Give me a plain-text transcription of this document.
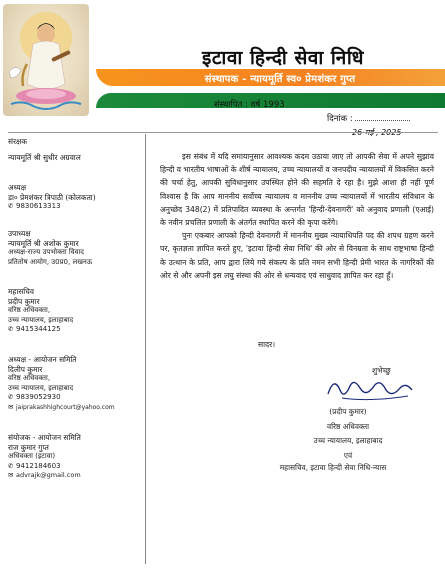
इटावा हिन्दी सेवा निधि
संस्थापक - न्यायमूर्ति स्व० प्रेमशंकर गुप्त
संस्थापित : वर्ष 1993
दिनांक :
26 मई , 2025
संरक्षक
न्यायमूर्ति श्री सुधीर अग्रवाल
अध्यक्ष
डा० प्रेमशंकर त्रिपाठी (कोलकता)
✆ 9830613313
उपाध्यक्ष
न्यायमूर्ति श्री अशोक कुमार
अध्यक्ष-राज्य उपभोक्ता विवाद
प्रतितोष आयोग, उ0प्र0, लखनऊ
महासचिव
प्रदीप कुमार
वरिष्ठ अधिवक्ता,
उच्च न्यायालय, इलाहाबाद
✆ 9415344125
अध्यक्ष - आयोजन समिति
दिलीप कुमार
वरिष्ठ अधिवक्ता,
उच्च न्यायालय, इलाहाबाद
✆ 9839052930
✉ jaiprakashhighcourt@yahoo.com
संयोजक - आयोजन समिति
राज कुमार गुप्त
अधिवक्ता (इटावा)
✆ 9412184603
✉ advrajk@gmail.com

इस संबंध में यदि समायानुसार आवश्यक कदम उठाया जाए तो आपकी सेवा में अपने सुझाव हिन्दी व भारतीय भाषाओं के शीर्ष न्यायालय, उच्च न्यायालयों व जनपदीय न्यायालयों में विकसित करने की चर्चा हेतु, आपकी सुविधानुसार उपस्थित होने की सहमति दे रहा है। मुझे आशा ही नहीं पूर्ण विश्वास है कि आप माननीय सर्वोच्च न्यायालय व माननीय उच्च न्यायालयों में भारतीय संविधान के अनुच्छेद 348(2) में प्रतिपादित व्यवस्था के अन्तर्गत 'हिन्दी-देवनागरी' को अनुवाद प्रणाली (एआई) के नवीन प्रचलित प्रणाली के अंतर्गत स्थापित करने की कृपा करेंगे।

पुनः एकबार आपको हिन्दी देवनागरी में माननीय मुख्य न्यायाधिपति पद की शपथ ग्रहण करने पर, कृतज्ञता ज्ञापित करते हुए, 'इटावा हिन्दी सेवा निधि' की ओर से विनम्रता के साथ राष्ट्रभाषा हिन्दी के उत्थान के प्रति, आप द्वारा लिये गये संकल्प के प्रति नमन सभी हिन्दी प्रेमी भारत के नागरिकों की ओर से और अपनी इस लघु संस्था की ओर से धन्यवाद एवं साधुवाद ज्ञापित कर रहा हूँ।

सादर।
शुभेच्छु
(प्रदीप कुमार)
वरिष्ठ अधिवक्ता
उच्च न्यायालय, इलाहाबाद
एवं
महासचिव, इटावा हिन्दी सेवा निधि-न्यास
